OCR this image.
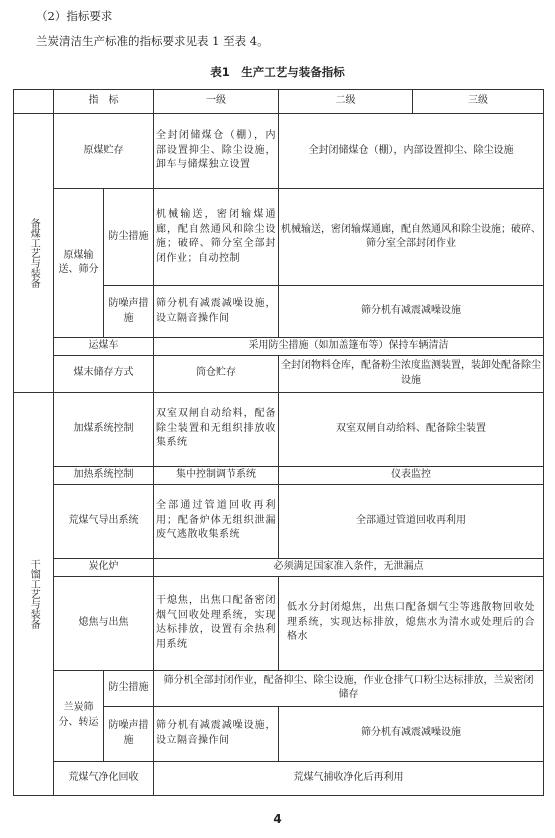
（2）指标要求
兰炭清洁生产标准的指标要求见表 1 至表 4。
表1　生产工艺与装备指标
	指　标		一级	二级	三级
备煤工艺与装备	原煤贮存		全封闭储煤仓（棚），内部设置抑尘、除尘设施，卸车与储煤独立设置	全封闭储煤仓（棚），内部设置抑尘、除尘设施	
	原煤输送、筛分	防尘措施	机械输送，密闭输煤通廊，配自然通风和除尘设施；破碎、筛分室全部封闭作业；自动控制	机械输送，密闭输煤通廊，配自然通风和除尘设施；破碎、筛分室全部封闭作业	
		防噪声措施	筛分机有减震减噪设施，设立隔音操作间	筛分机有减震减噪设施	
	运煤车		采用防尘措施（如加盖篷布等）保持车辆清洁		
	煤末储存方式		筒仓贮存	全封闭物料仓库，配备粉尘浓度监测装置，装卸处配备除尘设施	
干馏工艺与装备	加煤系统控制		双室双闸自动给料，配备除尘装置和无组织排放收集系统	双室双闸自动给料、配备除尘装置	
	加热系统控制		集中控制调节系统	仪表监控	
	荒煤气导出系统		全部通过管道回收再利用；配备炉体无组织泄漏废气逃散收集系统	全部通过管道回收再利用	
	炭化炉		必须满足国家准入条件，无泄漏点		
	熄焦与出焦		干熄焦，出焦口配备密闭烟气回收处理系统，实现达标排放，设置有余热利用系统	低水分封闭熄焦，出焦口配备烟气尘等逃散物回收处理系统，实现达标排放，熄焦水为清水或处理后的合格水	
	兰炭筛分、转运	防尘措施	筛分机全部封闭作业，配备抑尘、除尘设施，作业仓排气口粉尘达标排放，兰炭密闭储存		
		防噪声措施	筛分机有减震减噪设施，设立隔音操作间	筛分机有减震减噪设施	
	荒煤气净化回收		荒煤气捕收净化后再利用		
4
